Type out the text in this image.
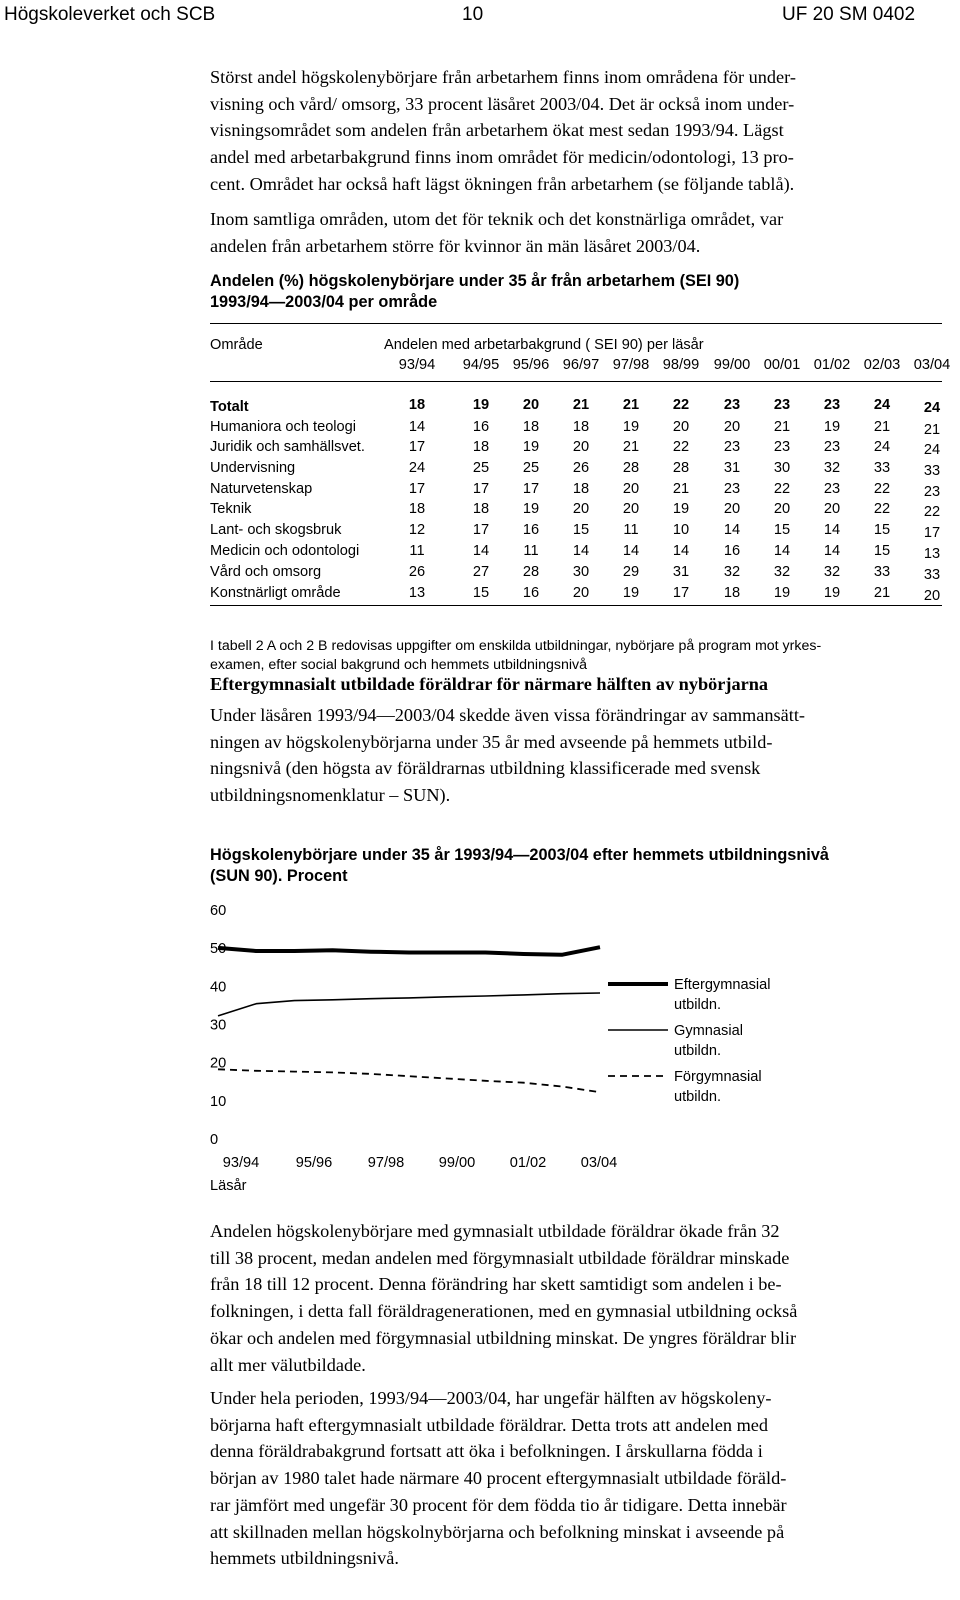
Högskoleverket och SCB	10	UF 20 SM 0402
Störst andel högskolenybörjare från arbetarhem finns inom områdena för under-
visning och vård/ omsorg, 33 procent läsåret 2003/04. Det är också inom under-
visningsområdet som andelen från arbetarhem ökat mest sedan 1993/94. Lägst
andel med arbetarbakgrund finns inom området för medicin/odontologi, 13 pro-
cent. Området har också haft lägst ökningen från arbetarhem (se följande tablå).
Inom samtliga områden, utom det för teknik och det konstnärliga området, var
andelen från arbetarhem större för kvinnor än män läsåret 2003/04.
Andelen (%) högskolenybörjare under 35 år från arbetarhem (SEI 90)
1993/94—2003/04 per område
Område	Andelen med arbetarbakgrund ( SEI 90) per läsår
93/94	94/95 95/96 96/97 97/98 98/99 99/00 00/01 01/02 02/03 03/04
Totalt	18	19	20	21	21	22	23	23	23	24	24
Humaniora och teologi	14	16	18	18	19	20	20	21	19	21	21
Juridik och samhällsvet.	17	18	19	20	21	22	23	23	23	24	24
Undervisning	24	25	25	26	28	28	31	30	32	33	33
Naturvetenskap	17	17	17	18	20	21	23	22	23	22	23
Teknik	18	18	19	20	20	19	20	20	20	22	22
Lant- och skogsbruk	12	17	16	15	11	10	14	15	14	15	17
Medicin och odontologi	11	14	11	14	14	14	16	14	14	15	13
Vård och omsorg	26	27	28	30	29	31	32	32	32	33	33
Konstnärligt område	13	15	16	20	19	17	18	19	19	21	20
I tabell 2 A och 2 B redovisas uppgifter om enskilda utbildningar, nybörjare på program mot yrkes-
examen, efter social bakgrund och hemmets utbildningsnivå
Eftergymnasialt utbildade föräldrar för närmare hälften av nybörjarna
Under läsåren 1993/94—2003/04 skedde även vissa förändringar av sammansätt-
ningen av högskolenybörjarna under 35 år med avseende på hemmets utbild-
ningsnivå (den högsta av föräldrarnas utbildning klassificerade med svensk
utbildningsnomenklatur – SUN).
Högskolenybörjare under 35 år 1993/94—2003/04 efter hemmets utbildningsnivå
(SUN 90). Procent
60
50
40
30
20
10
0
93/94 95/96 97/98 99/00 01/02 03/04
Läsår
Eftergymnasial
utbildn.
Gymnasial
utbildn.
Förgymnasial
utbildn.
Andelen högskolenybörjare med gymnasialt utbildade föräldrar ökade från 32
till 38 procent, medan andelen med förgymnasialt utbildade föräldrar minskade
från 18 till 12 procent. Denna förändring har skett samtidigt som andelen i be-
folkningen, i detta fall föräldragenerationen, med en gymnasial utbildning också
ökar och andelen med förgymnasial utbildning minskat. De yngres föräldrar blir
allt mer välutbildade.
Under hela perioden, 1993/94—2003/04, har ungefär hälften av högskoleny-
börjarna haft eftergymnasialt utbildade föräldrar. Detta trots att andelen med
denna föräldrabakgrund fortsatt att öka i befolkningen. I årskullarna födda i
början av 1980 talet hade närmare 40 procent eftergymnasialt utbildade föräld-
rar jämfört med ungefär 30 procent för dem födda tio år tidigare. Detta innebär
att skillnaden mellan högskolnybörjarna och befolkning minskat i avseende på
hemmets utbildningsnivå.
